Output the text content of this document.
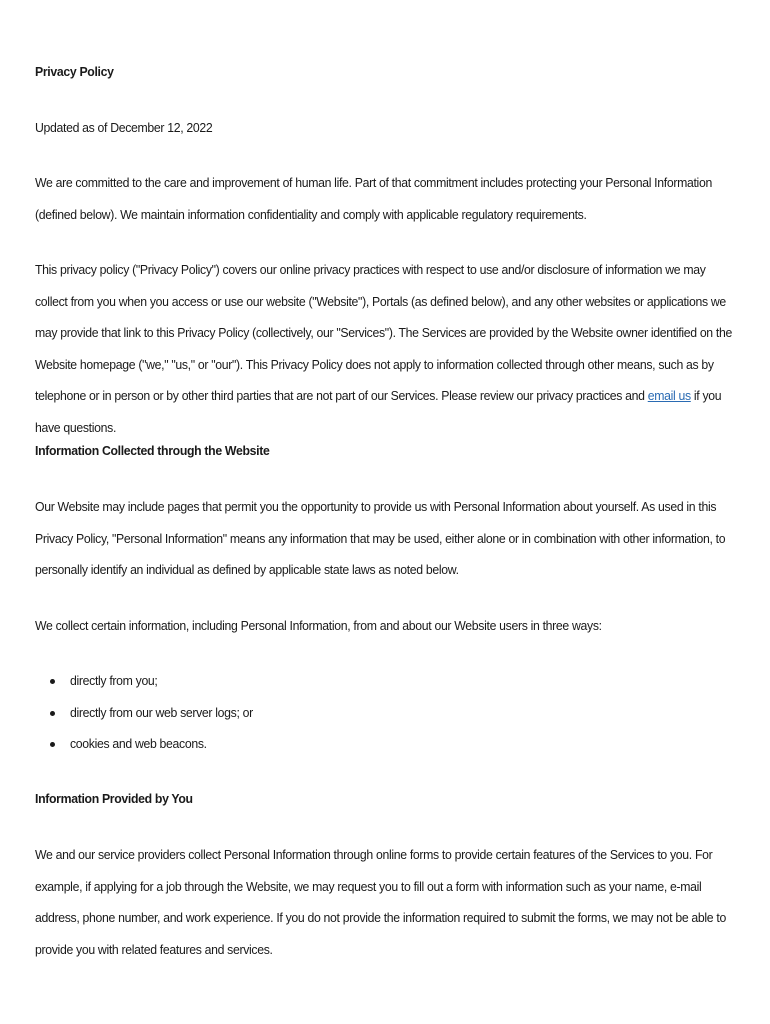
Privacy Policy

Updated as of December 12, 2022

We are committed to the care and improvement of human life. Part of that commitment includes protecting your Personal Information (defined below). We maintain information confidentiality and comply with applicable regulatory requirements.

This privacy policy ("Privacy Policy") covers our online privacy practices with respect to use and/or disclosure of information we may collect from you when you access or use our website ("Website"), Portals (as defined below), and any other websites or applications we may provide that link to this Privacy Policy (collectively, our "Services"). The Services are provided by the Website owner identified on the Website homepage ("we," "us," or "our"). This Privacy Policy does not apply to information collected through other means, such as by telephone or in person or by other third parties that are not part of our Services. Please review our privacy practices and email us if you have questions.

Information Collected through the Website

Our Website may include pages that permit you the opportunity to provide us with Personal Information about yourself. As used in this Privacy Policy, "Personal Information" means any information that may be used, either alone or in combination with other information, to personally identify an individual as defined by applicable state laws as noted below.

We collect certain information, including Personal Information, from and about our Website users in three ways:

directly from you;
directly from our web server logs; or
cookies and web beacons.
Information Provided by You

We and our service providers collect Personal Information through online forms to provide certain features of the Services to you. For example, if applying for a job through the Website, we may request you to fill out a form with information such as your name, e-mail address, phone number, and work experience. If you do not provide the information required to submit the forms, we may not be able to provide you with related features and services.
